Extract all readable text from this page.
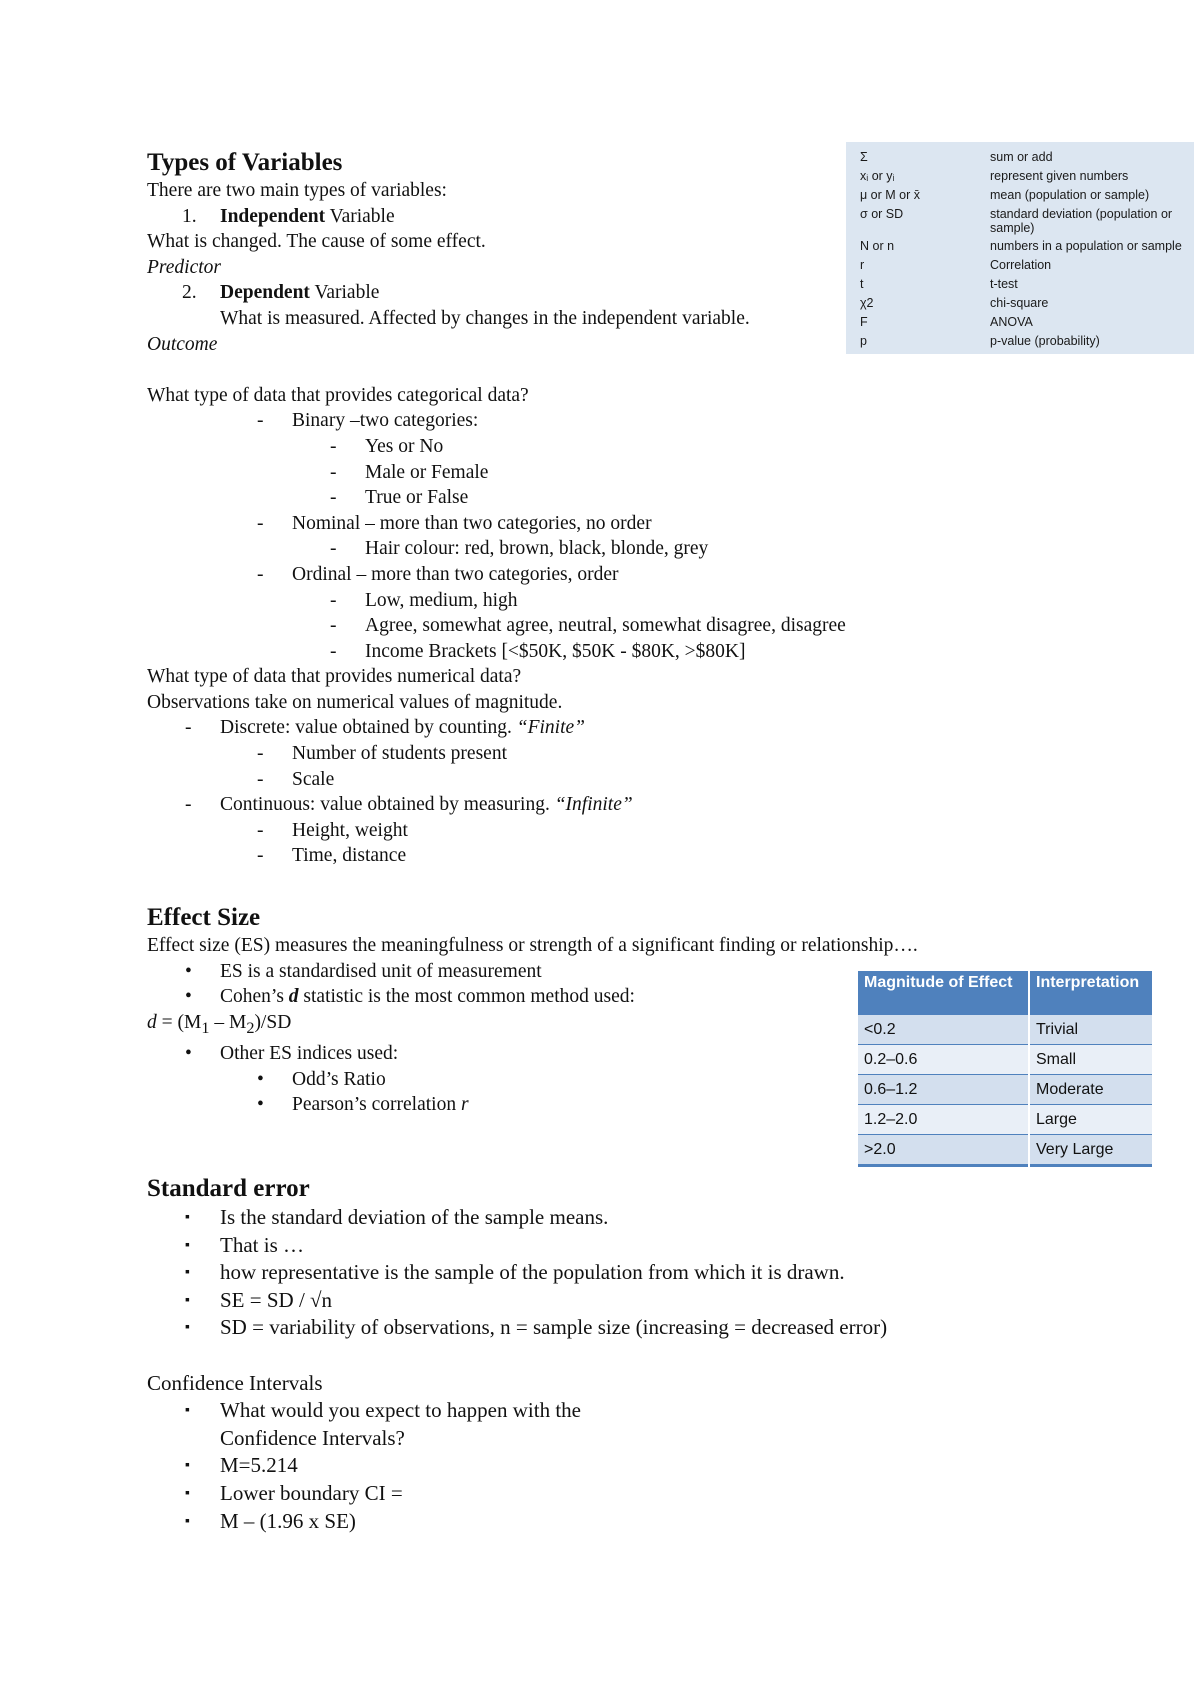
Types of Variables
There are two main types of variables:
1.	Independent Variable
What is changed. The cause of some effect.
Predictor
2.	Dependent Variable
What is measured. Affected by changes in the independent variable.
Outcome

What type of data that provides categorical data?
-	Binary –two categories:
-	Yes or No
-	Male or Female
-	True or False
-	Nominal – more than two categories, no order
-	Hair colour: red, brown, black, blonde, grey
-	Ordinal – more than two categories, order
-	Low, medium, high
-	Agree, somewhat agree, neutral, somewhat disagree, disagree
-	Income Brackets [<$50K, $50K - $80K, >$80K]
What type of data that provides numerical data?
Observations take on numerical values of magnitude.
-	Discrete: value obtained by counting. “Finite”
-	Number of students present
-	Scale
-	Continuous: value obtained by measuring. “Infinite”
-	Height, weight
-	Time, distance
Σ	sum or add
xᵢ or yᵢ	represent given numbers
μ or M or x̄	mean (population or sample)
σ or SD	standard deviation (population or sample)
N or n	numbers in a population or sample
r	Correlation
t	t-test
χ2	chi-square
F	ANOVA
p	p-value (probability)
Effect Size
Effect size (ES) measures the meaningfulness or strength of a significant finding or relationship….
•	ES is a standardised unit of measurement
•	Cohen’s d statistic is the most common method used:
$d = (M_1 - M_2)/SD$
•	Other ES indices used:
•	Odd’s Ratio
•	Pearson’s correlation r
Magnitude of Effect	Interpretation
<0.2	Trivial
0.2–0.6	Small
0.6–1.2	Moderate
1.2–2.0	Large
>2.0	Very Large
Standard error
▪	Is the standard deviation of the sample means.
▪	That is …
▪	how representative is the sample of the population from which it is drawn.
▪	SE = SD / √n
▪	SD = variability of observations, n = sample size (increasing = decreased error)

Confidence Intervals
▪	What would you expect to happen with the
Confidence Intervals?
▪	M=5.214
▪	Lower boundary CI =
▪	M – (1.96 x SE)
